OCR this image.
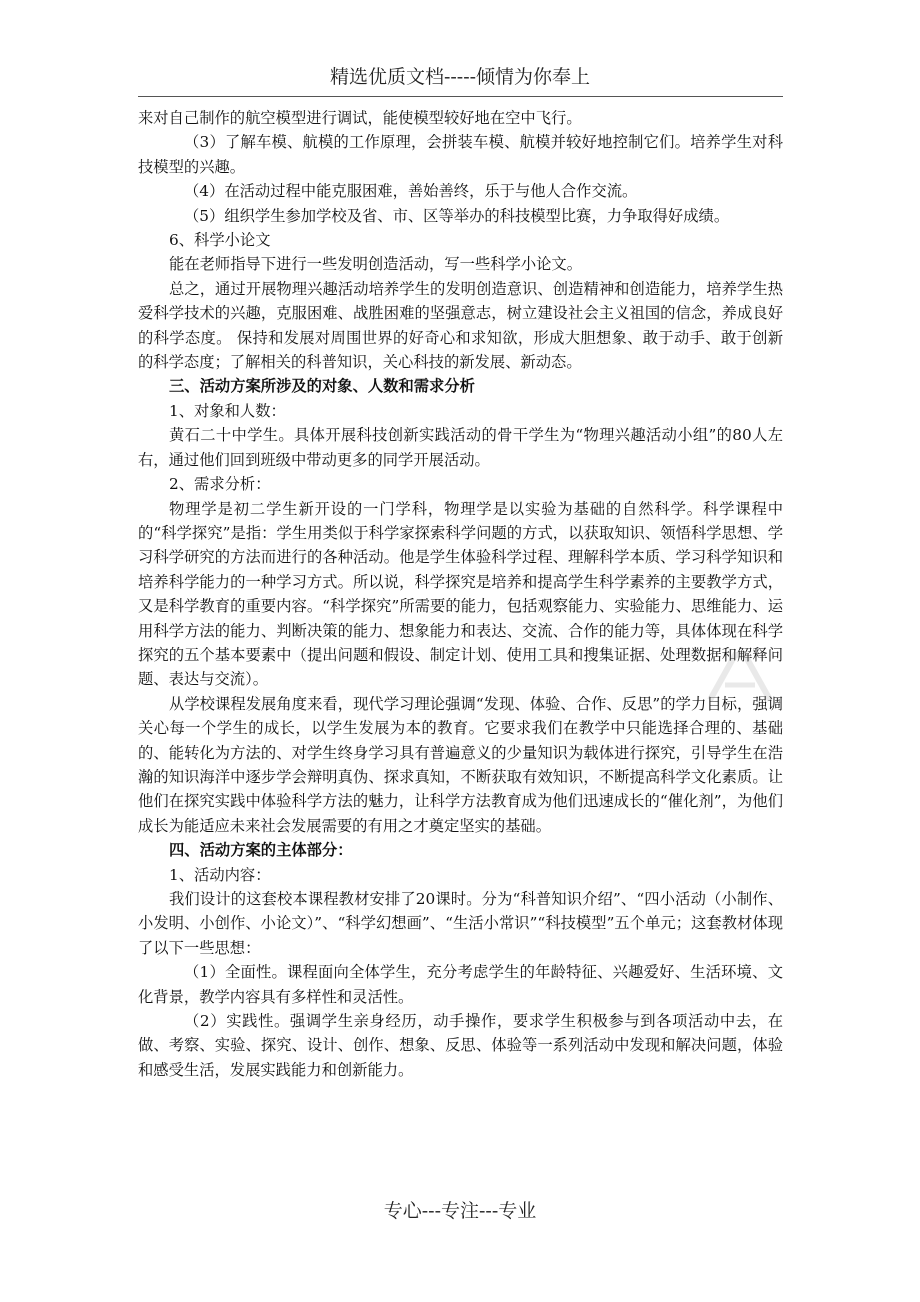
精选优质文档-----倾情为你奉上

来对自己制作的航空模型进行调试，能使模型较好地在空中飞行。

（3）了解车模、航模的工作原理，会拼装车模、航模并较好地控制它们。培养学生对科技模型的兴趣。

（4）在活动过程中能克服困难，善始善终，乐于与他人合作交流。

（5）组织学生参加学校及省、市、区等举办的科技模型比赛，力争取得好成绩。

6、科学小论文

能在老师指导下进行一些发明创造活动，写一些科学小论文。

总之，通过开展物理兴趣活动培养学生的发明创造意识、创造精神和创造能力，培养学生热爱科学技术的兴趣，克服困难、战胜困难的坚强意志，树立建设社会主义祖国的信念，养成良好的科学态度。 保持和发展对周围世界的好奇心和求知欲，形成大胆想象、敢于动手、敢于创新的科学态度；了解相关的科普知识，关心科技的新发展、新动态。

三、活动方案所涉及的对象、人数和需求分析

1、对象和人数：

黄石二十中学生。具体开展科技创新实践活动的骨干学生为“物理兴趣活动小组”的80人左右，通过他们回到班级中带动更多的同学开展活动。

2、需求分析：

物理学是初二学生新开设的一门学科，物理学是以实验为基础的自然科学。科学课程中的“科学探究”是指：学生用类似于科学家探索科学问题的方式，以获取知识、领悟科学思想、学习科学研究的方法而进行的各种活动。他是学生体验科学过程、理解科学本质、学习科学知识和培养科学能力的一种学习方式。所以说，科学探究是培养和提高学生科学素养的主要教学方式，又是科学教育的重要内容。“科学探究”所需要的能力，包括观察能力、实验能力、思维能力、运用科学方法的能力、判断决策的能力、想象能力和表达、交流、合作的能力等，具体体现在科学探究的五个基本要素中（提出问题和假设、制定计划、使用工具和搜集证据、处理数据和解释问题、表达与交流）。

从学校课程发展角度来看，现代学习理论强调“发现、体验、合作、反思”的学力目标，强调关心每一个学生的成长，以学生发展为本的教育。它要求我们在教学中只能选择合理的、基础的、能转化为方法的、对学生终身学习具有普遍意义的少量知识为载体进行探究，引导学生在浩瀚的知识海洋中逐步学会辩明真伪、探求真知，不断获取有效知识，不断提高科学文化素质。让他们在探究实践中体验科学方法的魅力，让科学方法教育成为他们迅速成长的“催化剂”，为他们成长为能适应未来社会发展需要的有用之才奠定坚实的基础。

四、活动方案的主体部分：

1、活动内容：

我们设计的这套校本课程教材安排了20课时。分为“科普知识介绍”、“四小活动（小制作、小发明、小创作、小论文）”、“科学幻想画”、“生活小常识”“科技模型”五个单元；这套教材体现了以下一些思想：

（1）全面性。课程面向全体学生，充分考虑学生的年龄特征、兴趣爱好、生活环境、文化背景，教学内容具有多样性和灵活性。

（2）实践性。强调学生亲身经历，动手操作，要求学生积极参与到各项活动中去，在做、考察、实验、探究、设计、创作、想象、反思、体验等一系列活动中发现和解决问题，体验和感受生活，发展实践能力和创新能力。

专心---专注---专业
